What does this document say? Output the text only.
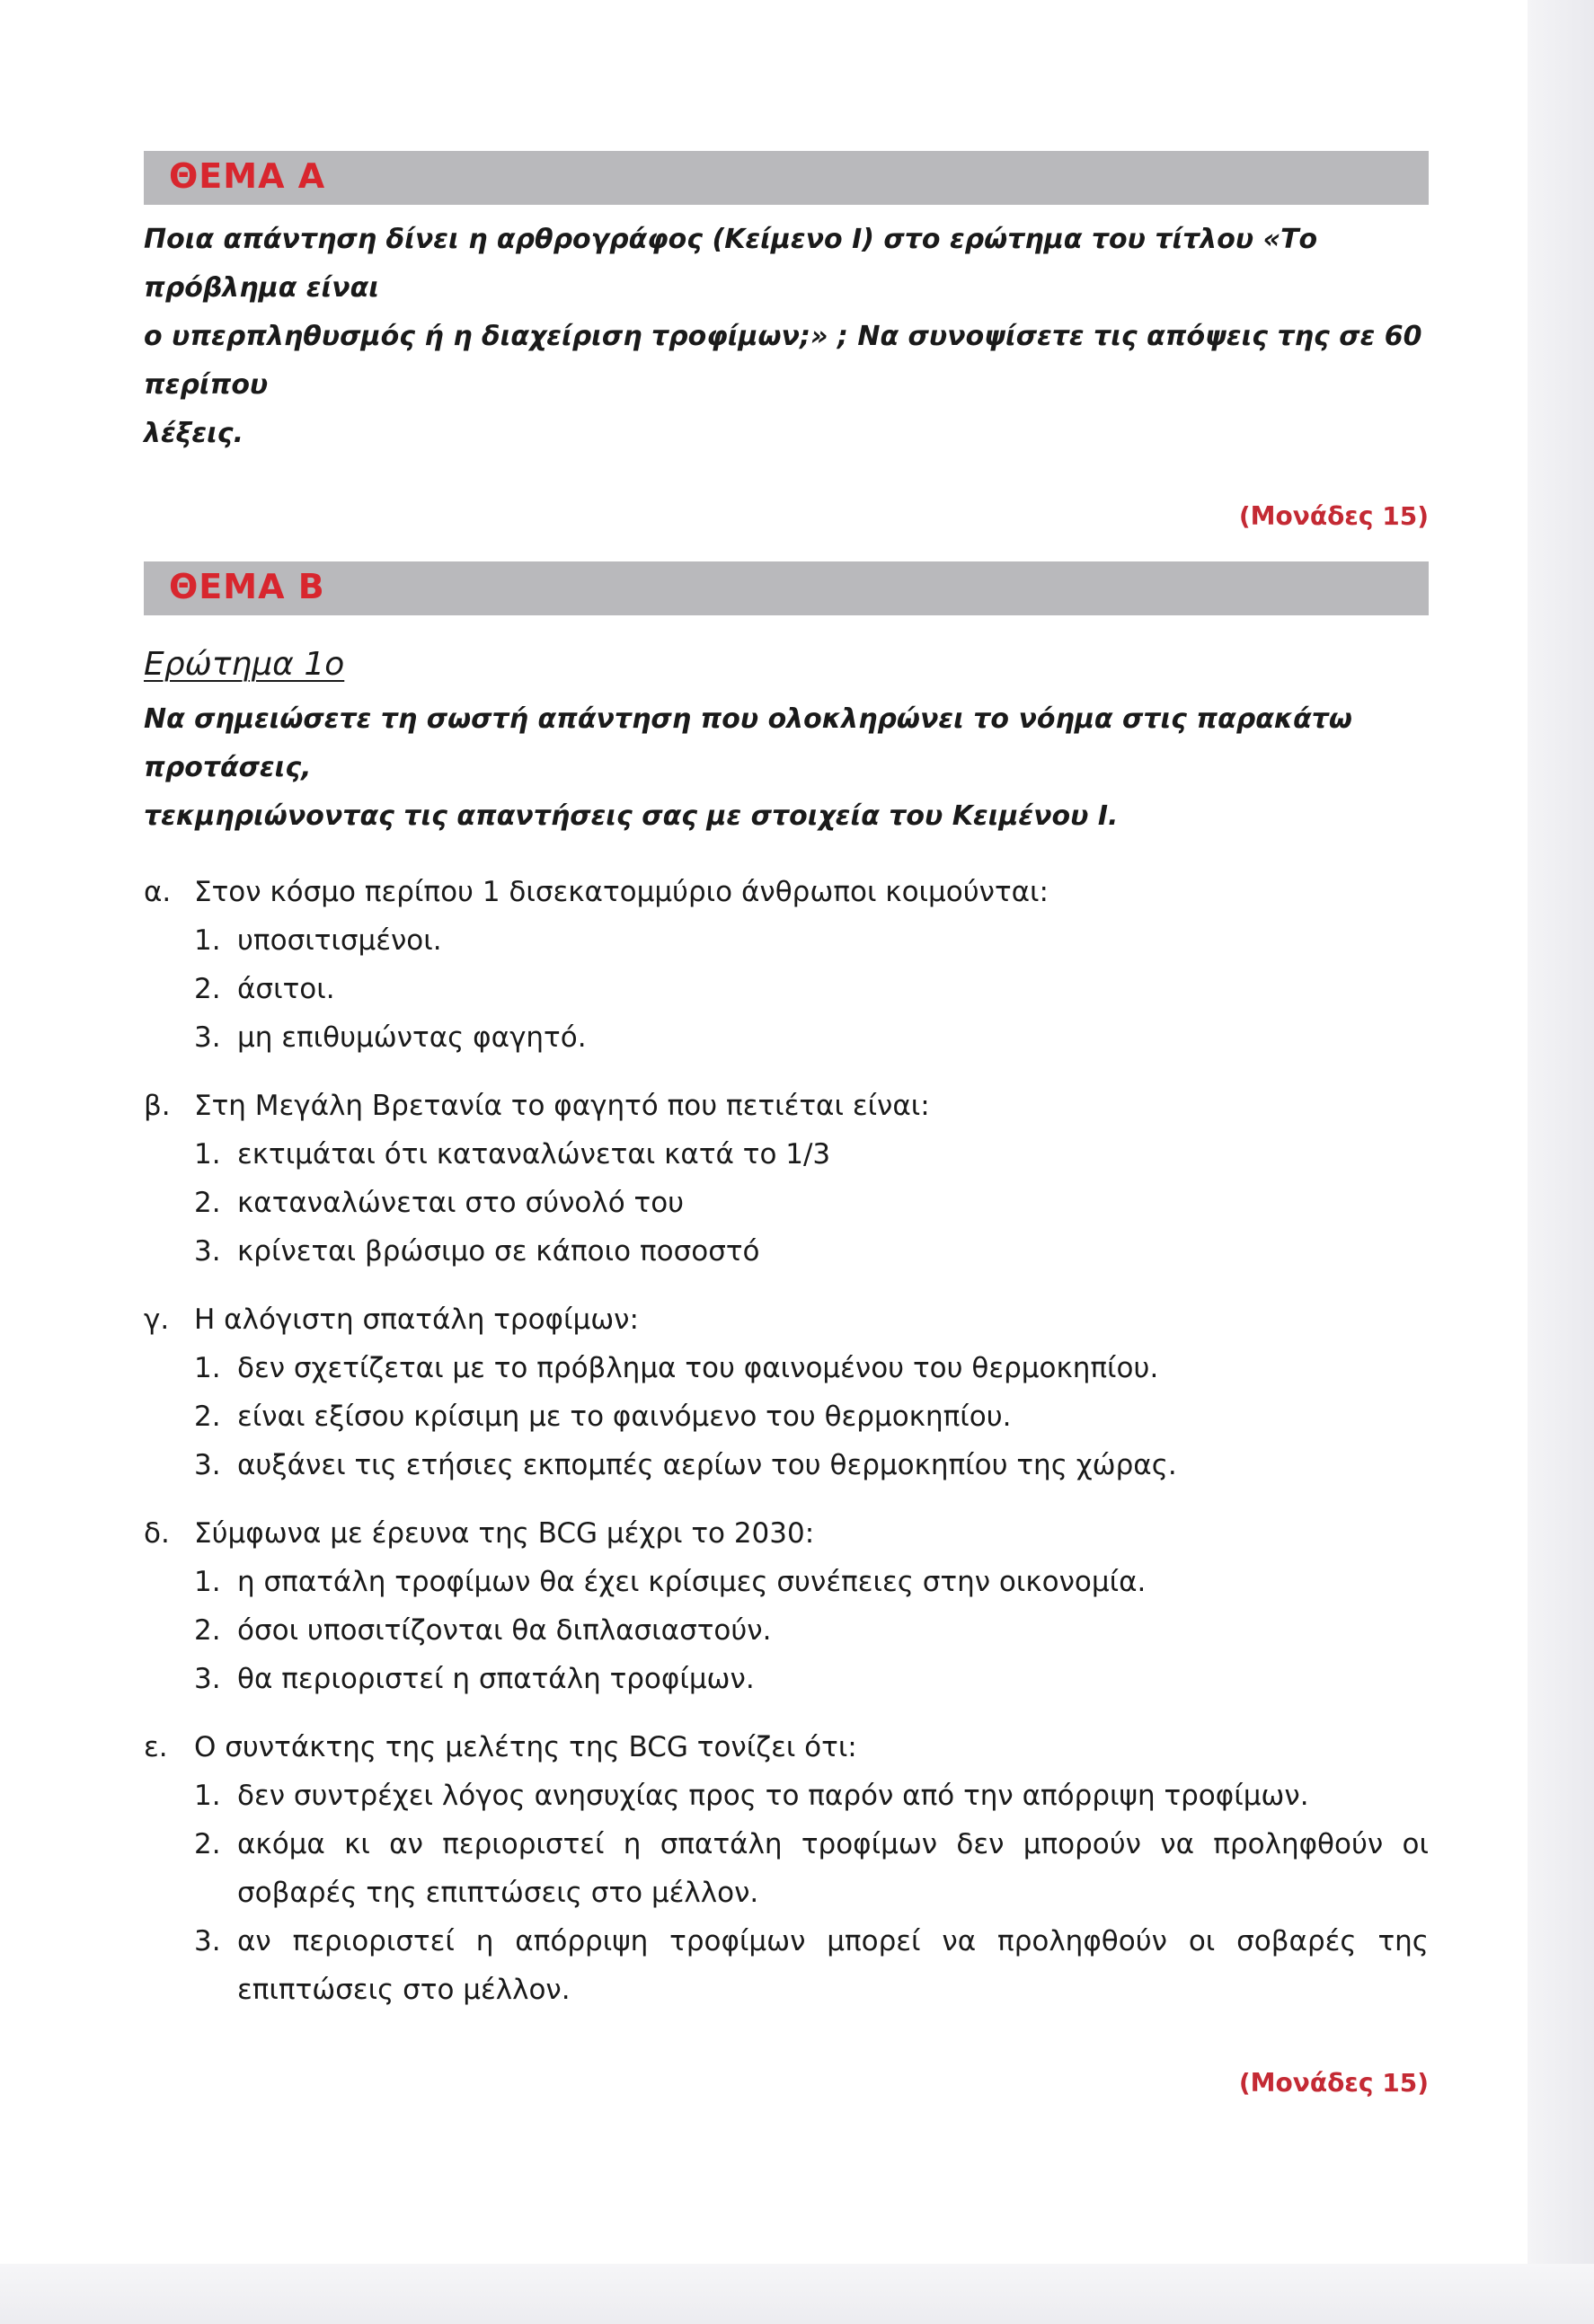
ΘΕΜΑ Α
Ποια απάντηση δίνει η αρθρογράφος (Κείμενο Ι) στο ερώτημα του τίτλου «Το πρόβλημα είναι
ο υπερπληθυσμός ή η διαχείριση τροφίμων;» ; Να συνοψίσετε τις απόψεις της σε 60 περίπου
λέξεις.
(Μονάδες 15)
ΘΕΜΑ Β
Ερώτημα 1ο
Να σημειώσετε τη σωστή απάντηση που ολοκληρώνει το νόημα στις παρακάτω προτάσεις,
τεκμηριώνοντας τις απαντήσεις σας με στοιχεία του Κειμένου Ι.
α. Στον κόσμο περίπου 1 δισεκατομμύριο άνθρωποι κοιμούνται:
1. υποσιτισμένοι.
2. άσιτοι.
3. μη επιθυμώντας φαγητό.
β. Στη Μεγάλη Βρετανία το φαγητό που πετιέται είναι:
1. εκτιμάται ότι καταναλώνεται κατά το 1/3
2. καταναλώνεται στο σύνολό του
3. κρίνεται βρώσιμο σε κάποιο ποσοστό
γ. Η αλόγιστη σπατάλη τροφίμων:
1. δεν σχετίζεται με το πρόβλημα του φαινομένου του θερμοκηπίου.
2. είναι εξίσου κρίσιμη με το φαινόμενο του θερμοκηπίου.
3. αυξάνει τις ετήσιες εκπομπές αερίων του θερμοκηπίου της χώρας.
δ. Σύμφωνα με έρευνα της BCG μέχρι το 2030:
1. η σπατάλη τροφίμων θα έχει κρίσιμες συνέπειες στην οικονομία.
2. όσοι υποσιτίζονται θα διπλασιαστούν.
3. θα περιοριστεί η σπατάλη τροφίμων.
ε. Ο συντάκτης της μελέτης της BCG τονίζει ότι:
1. δεν συντρέχει λόγος ανησυχίας προς το παρόν από την απόρριψη τροφίμων.
2. ακόμα κι αν περιοριστεί η σπατάλη τροφίμων δεν μπορούν να προληφθούν οι σοβαρές της επιπτώσεις στο μέλλον.
3. αν περιοριστεί η απόρριψη τροφίμων μπορεί να προληφθούν οι σοβαρές της επιπτώσεις στο μέλλον.
(Μονάδες 15)
